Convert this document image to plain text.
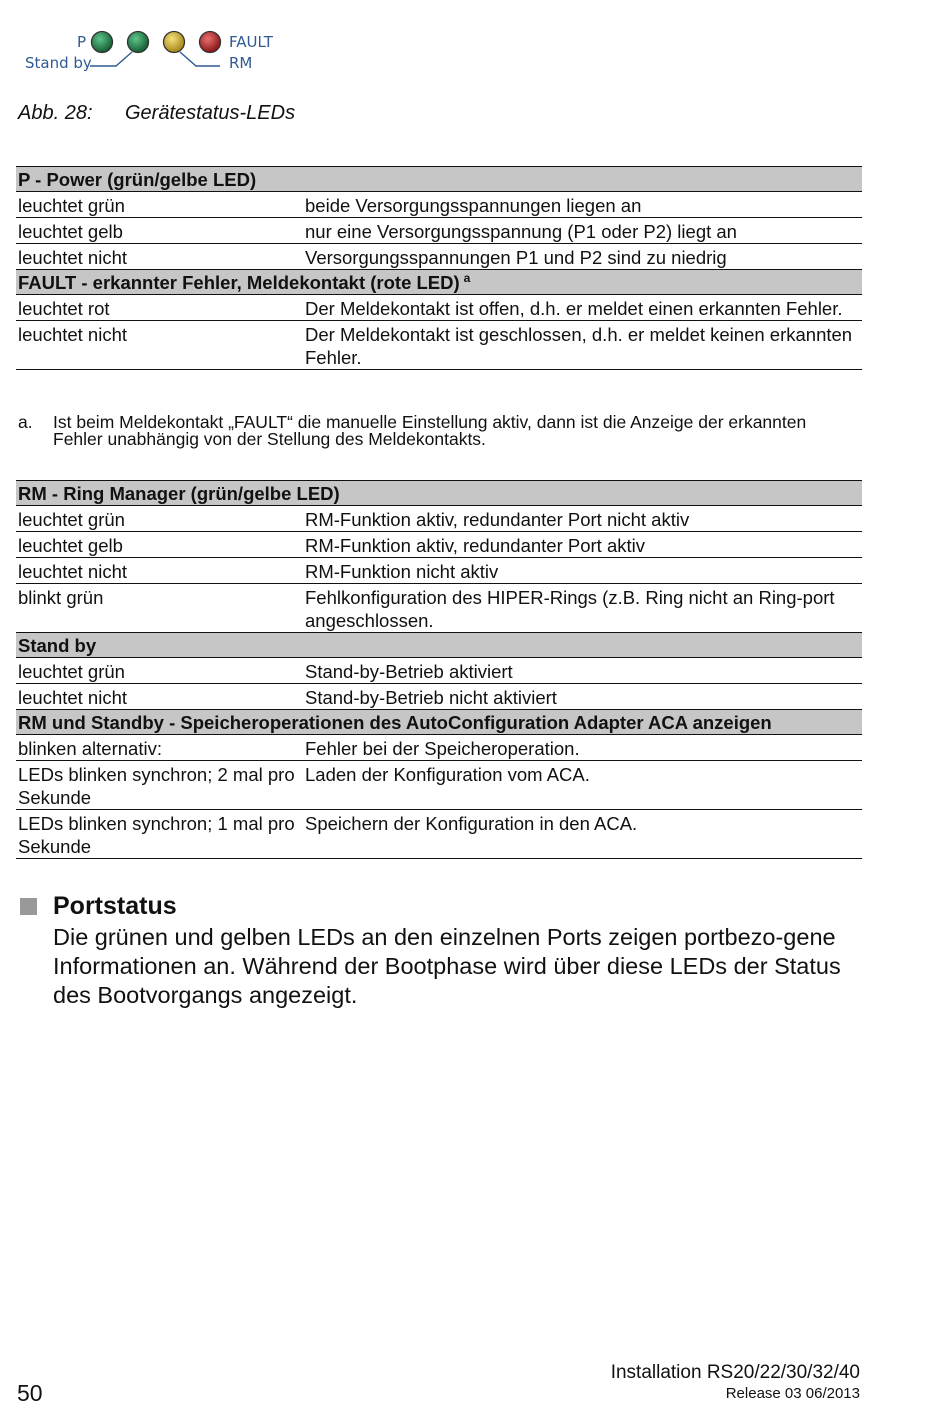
P
Stand by
FAULT
RM
Abb. 28: Gerätestatus-LEDs
P - Power (grün/gelbe LED)	
leuchtet grün	beide Versorgungsspannungen liegen an
leuchtet gelb	nur eine Versorgungsspannung (P1 oder P2) liegt an
leuchtet nicht	Versorgungsspannungen P1 und P2 sind zu niedrig
FAULT - erkannter Fehler, Meldekontakt (rote LED) $^a$
leuchtet rot	Der Meldekontakt ist offen, d.h. er meldet einen erkannten Fehler.
leuchtet nicht	Der Meldekontakt ist geschlossen, d.h. er meldet keinen erkannten Fehler.
a. Ist beim Meldekontakt „FAULT“ die manuelle Einstellung aktiv, dann ist die Anzeige der erkannten Fehler unabhängig von der Stellung des Meldekontakts.
RM - Ring Manager (grün/gelbe LED)	
leuchtet grün	RM-Funktion aktiv, redundanter Port nicht aktiv
leuchtet gelb	RM-Funktion aktiv, redundanter Port aktiv
leuchtet nicht	RM-Funktion nicht aktiv
blinkt grün	Fehlkonfiguration des HIPER-Rings (z.B. Ring nicht an Ring-port angeschlossen.
Stand by	
leuchtet grün	Stand-by-Betrieb aktiviert
leuchtet nicht	Stand-by-Betrieb nicht aktiviert
RM und Standby - Speicheroperationen des AutoConfiguration Adapter ACA anzeigen	
blinken alternativ:	Fehler bei der Speicheroperation.
LEDs blinken synchron; 2 mal pro Sekunde	Laden der Konfiguration vom ACA.
LEDs blinken synchron; 1 mal pro Sekunde	Speichern der Konfiguration in den ACA.
Portstatus
Die grünen und gelben LEDs an den einzelnen Ports zeigen portbezo-gene Informationen an. Während der Bootphase wird über diese LEDs der Status des Bootvorgangs angezeigt.
50
Installation RS20/22/30/32/40
Release 03 06/2013
